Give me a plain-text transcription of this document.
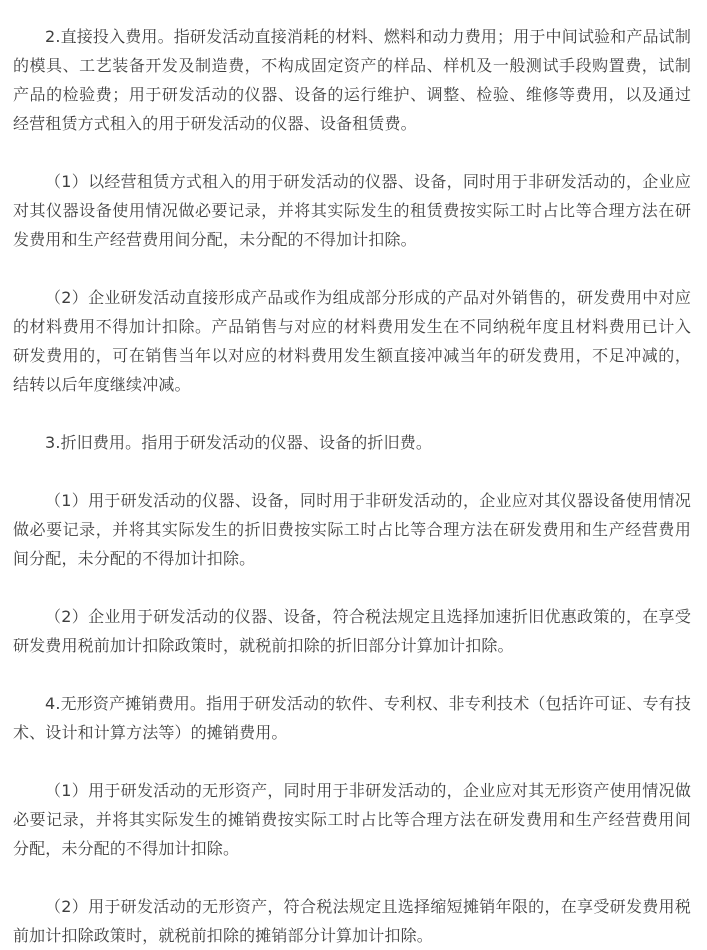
2.直接投入费用。指研发活动直接消耗的材料、燃料和动力费用；用于中间试验和产品试制的模具、工艺装备开发及制造费，不构成固定资产的样品、样机及一般测试手段购置费，试制产品的检验费；用于研发活动的仪器、设备的运行维护、调整、检验、维修等费用，以及通过经营租赁方式租入的用于研发活动的仪器、设备租赁费。

（1）以经营租赁方式租入的用于研发活动的仪器、设备，同时用于非研发活动的，企业应对其仪器设备使用情况做必要记录，并将其实际发生的租赁费按实际工时占比等合理方法在研发费用和生产经营费用间分配，未分配的不得加计扣除。

（2）企业研发活动直接形成产品或作为组成部分形成的产品对外销售的，研发费用中对应的材料费用不得加计扣除。产品销售与对应的材料费用发生在不同纳税年度且材料费用已计入研发费用的，可在销售当年以对应的材料费用发生额直接冲减当年的研发费用，不足冲减的，结转以后年度继续冲减。

3.折旧费用。指用于研发活动的仪器、设备的折旧费。

（1）用于研发活动的仪器、设备，同时用于非研发活动的，企业应对其仪器设备使用情况做必要记录，并将其实际发生的折旧费按实际工时占比等合理方法在研发费用和生产经营费用间分配，未分配的不得加计扣除。

（2）企业用于研发活动的仪器、设备，符合税法规定且选择加速折旧优惠政策的，在享受研发费用税前加计扣除政策时，就税前扣除的折旧部分计算加计扣除。

4.无形资产摊销费用。指用于研发活动的软件、专利权、非专利技术（包括许可证、专有技术、设计和计算方法等）的摊销费用。

（1）用于研发活动的无形资产，同时用于非研发活动的，企业应对其无形资产使用情况做必要记录，并将其实际发生的摊销费按实际工时占比等合理方法在研发费用和生产经营费用间分配，未分配的不得加计扣除。

（2）用于研发活动的无形资产，符合税法规定且选择缩短摊销年限的，在享受研发费用税前加计扣除政策时，就税前扣除的摊销部分计算加计扣除。
